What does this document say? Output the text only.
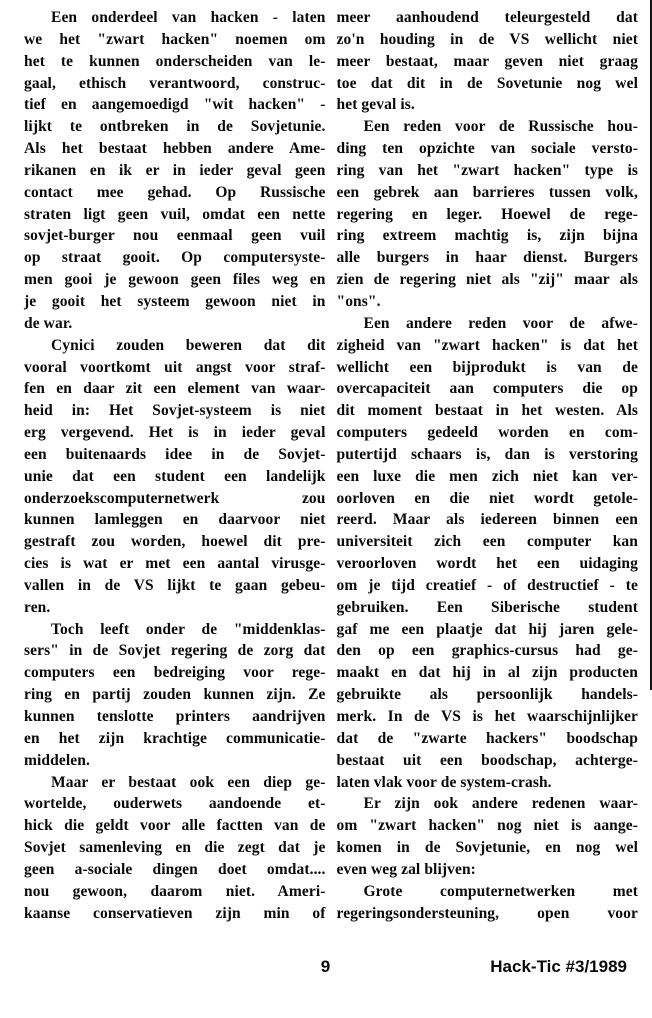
Een onderdeel van hacken - laten
we het "zwart hacken" noemen om
het te kunnen onderscheiden van le-
gaal, ethisch verantwoord, construc-
tief en aangemoedigd "wit hacken" -
lijkt te ontbreken in de Sovjetunie.
Als het bestaat hebben andere Ame-
rikanen en ik er in ieder geval geen
contact mee gehad. Op Russische
straten ligt geen vuil, omdat een nette
sovjet-burger nou eenmaal geen vuil
op straat gooit. Op computersyste-
men gooi je gewoon geen files weg en
je gooit het systeem gewoon niet in
de war.
Cynici zouden beweren dat dit
vooral voortkomt uit angst voor straf-
fen en daar zit een element van waar-
heid in: Het Sovjet-systeem is niet
erg vergevend. Het is in ieder geval
een buitenaards idee in de Sovjet-
unie dat een student een landelijk
onderzoekscomputernetwerk zou
kunnen lamleggen en daarvoor niet
gestraft zou worden, hoewel dit pre-
cies is wat er met een aantal virusge-
vallen in de VS lijkt te gaan gebeu-
ren.
Toch leeft onder de "middenklas-
sers" in de Sovjet regering de zorg dat
computers een bedreiging voor rege-
ring en partij zouden kunnen zijn. Ze
kunnen tenslotte printers aandrijven
en het zijn krachtige communicatie-
middelen.
Maar er bestaat ook een diep ge-
wortelde, ouderwets aandoende et-
hick die geldt voor alle factten van de
Sovjet samenleving en die zegt dat je
geen a-sociale dingen doet omdat....
nou gewoon, daarom niet. Ameri-
kaanse conservatieven zijn min of
meer aanhoudend teleurgesteld dat
zo'n houding in de VS wellicht niet
meer bestaat, maar geven niet graag
toe dat dit in de Sovetunie nog wel
het geval is.
Een reden voor de Russische hou-
ding ten opzichte van sociale versto-
ring van het "zwart hacken" type is
een gebrek aan barrieres tussen volk,
regering en leger. Hoewel de rege-
ring extreem machtig is, zijn bijna
alle burgers in haar dienst. Burgers
zien de regering niet als "zij" maar als
"ons".
Een andere reden voor de afwe-
zigheid van "zwart hacken" is dat het
wellicht een bijprodukt is van de
overcapaciteit aan computers die op
dit moment bestaat in het westen. Als
computers gedeeld worden en com-
putertijd schaars is, dan is verstoring
een luxe die men zich niet kan ver-
oorloven en die niet wordt getole-
reerd. Maar als iedereen binnen een
universiteit zich een computer kan
veroorloven wordt het een uidaging
om je tijd creatief - of destructief - te
gebruiken. Een Siberische student
gaf me een plaatje dat hij jaren gele-
den op een graphics-cursus had ge-
maakt en dat hij in al zijn producten
gebruikte als persoonlijk handels-
merk. In de VS is het waarschijnlijker
dat de "zwarte hackers" boodschap
bestaat uit een boodschap, achterge-
laten vlak voor de system-crash.
Er zijn ook andere redenen waar-
om "zwart hacken" nog niet is aange-
komen in de Sovjetunie, en nog wel
even weg zal blijven:
Grote computernetwerken met
regeringsondersteuning, open voor
9	Hack-Tic #3/1989
